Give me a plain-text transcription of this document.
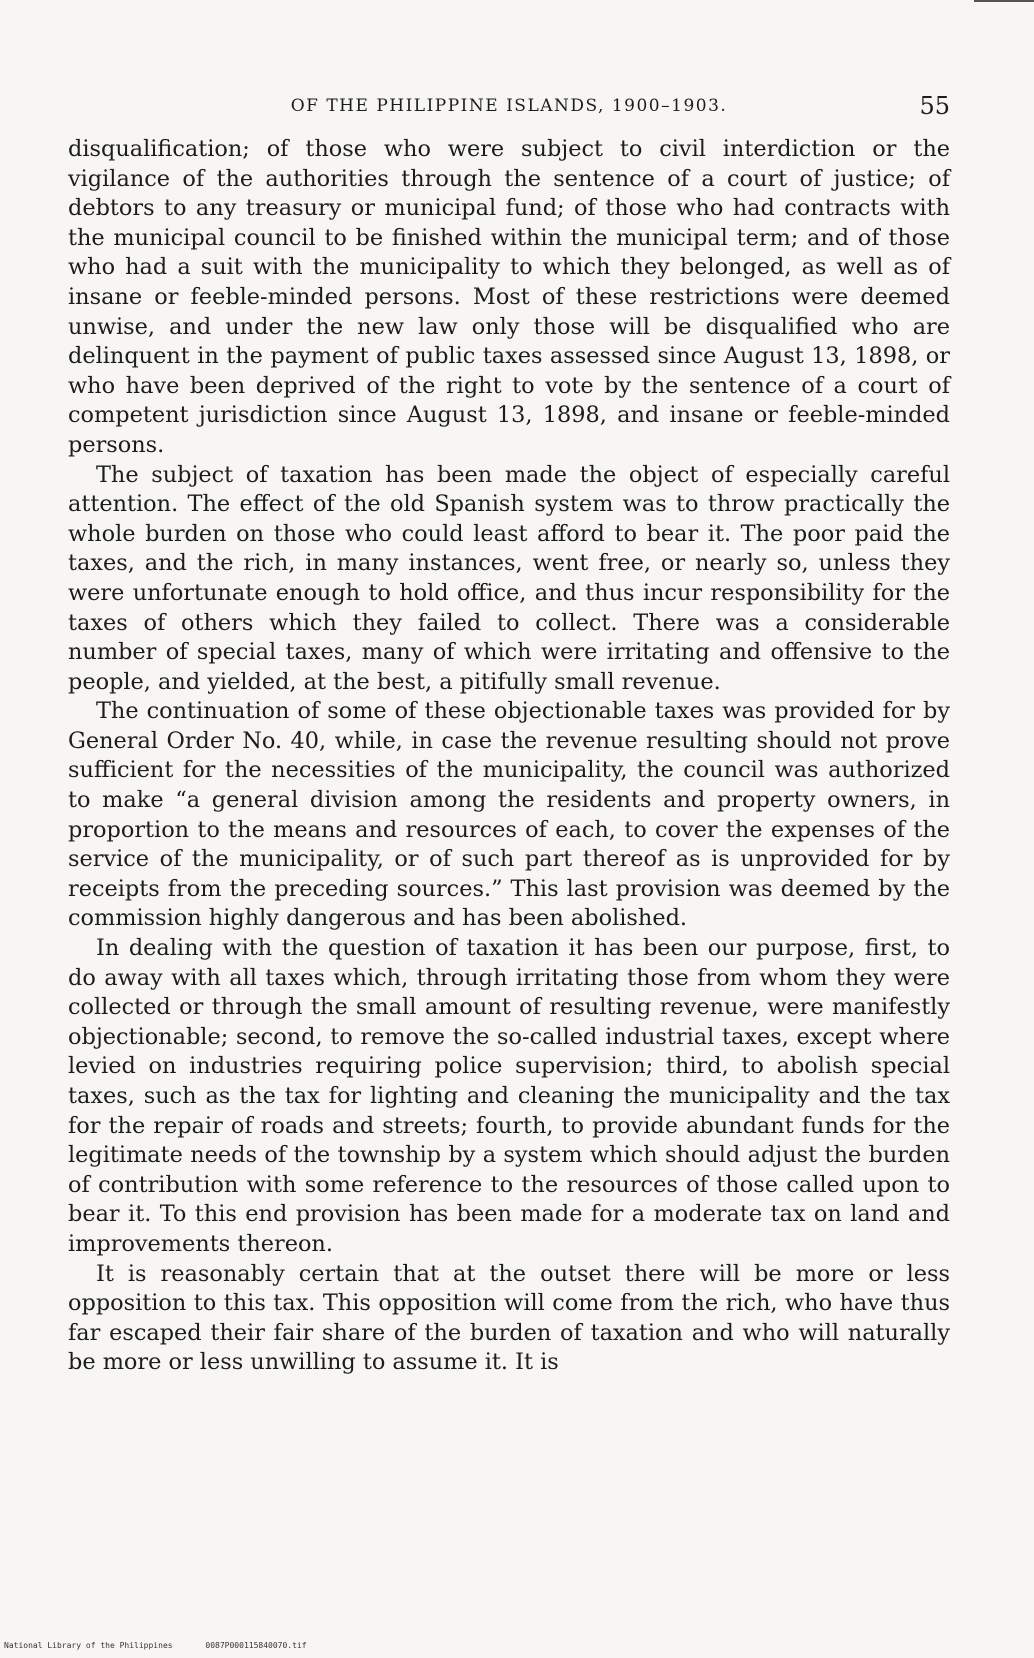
OF THE PHILIPPINE ISLANDS, 1900–1903.	55

disqualification; of those who were subject to civil interdiction or the vigilance of the authorities through the sentence of a court of justice; of debtors to any treasury or municipal fund; of those who had contracts with the municipal council to be finished within the municipal term; and of those who had a suit with the municipality to which they belonged, as well as of insane or feeble-minded persons. Most of these restrictions were deemed unwise, and under the new law only those will be disqualified who are delinquent in the payment of public taxes assessed since August 13, 1898, or who have been deprived of the right to vote by the sentence of a court of competent jurisdiction since August 13, 1898, and insane or feeble-minded persons.

The subject of taxation has been made the object of especially careful attention. The effect of the old Spanish system was to throw practically the whole burden on those who could least afford to bear it. The poor paid the taxes, and the rich, in many instances, went free, or nearly so, unless they were unfortunate enough to hold office, and thus incur responsibility for the taxes of others which they failed to collect. There was a considerable number of special taxes, many of which were irritating and offensive to the people, and yielded, at the best, a pitifully small revenue.

The continuation of some of these objectionable taxes was provided for by General Order No. 40, while, in case the revenue resulting should not prove sufficient for the necessities of the municipality, the council was authorized to make “a general division among the residents and property owners, in proportion to the means and resources of each, to cover the expenses of the service of the municipality, or of such part thereof as is unprovided for by receipts from the preceding sources.” This last provision was deemed by the commission highly dangerous and has been abolished.

In dealing with the question of taxation it has been our purpose, first, to do away with all taxes which, through irritating those from whom they were collected or through the small amount of resulting revenue, were manifestly objectionable; second, to remove the so-called industrial taxes, except where levied on industries requiring police supervision; third, to abolish special taxes, such as the tax for lighting and cleaning the municipality and the tax for the repair of roads and streets; fourth, to provide abundant funds for the legitimate needs of the township by a system which should adjust the burden of contribution with some reference to the resources of those called upon to bear it. To this end provision has been made for a moderate tax on land and improvements thereon.

It is reasonably certain that at the outset there will be more or less opposition to this tax. This opposition will come from the rich, who have thus far escaped their fair share of the burden of taxation and who will naturally be more or less unwilling to assume it. It is

National Library of the Philippines	0087P000115840070.tif
